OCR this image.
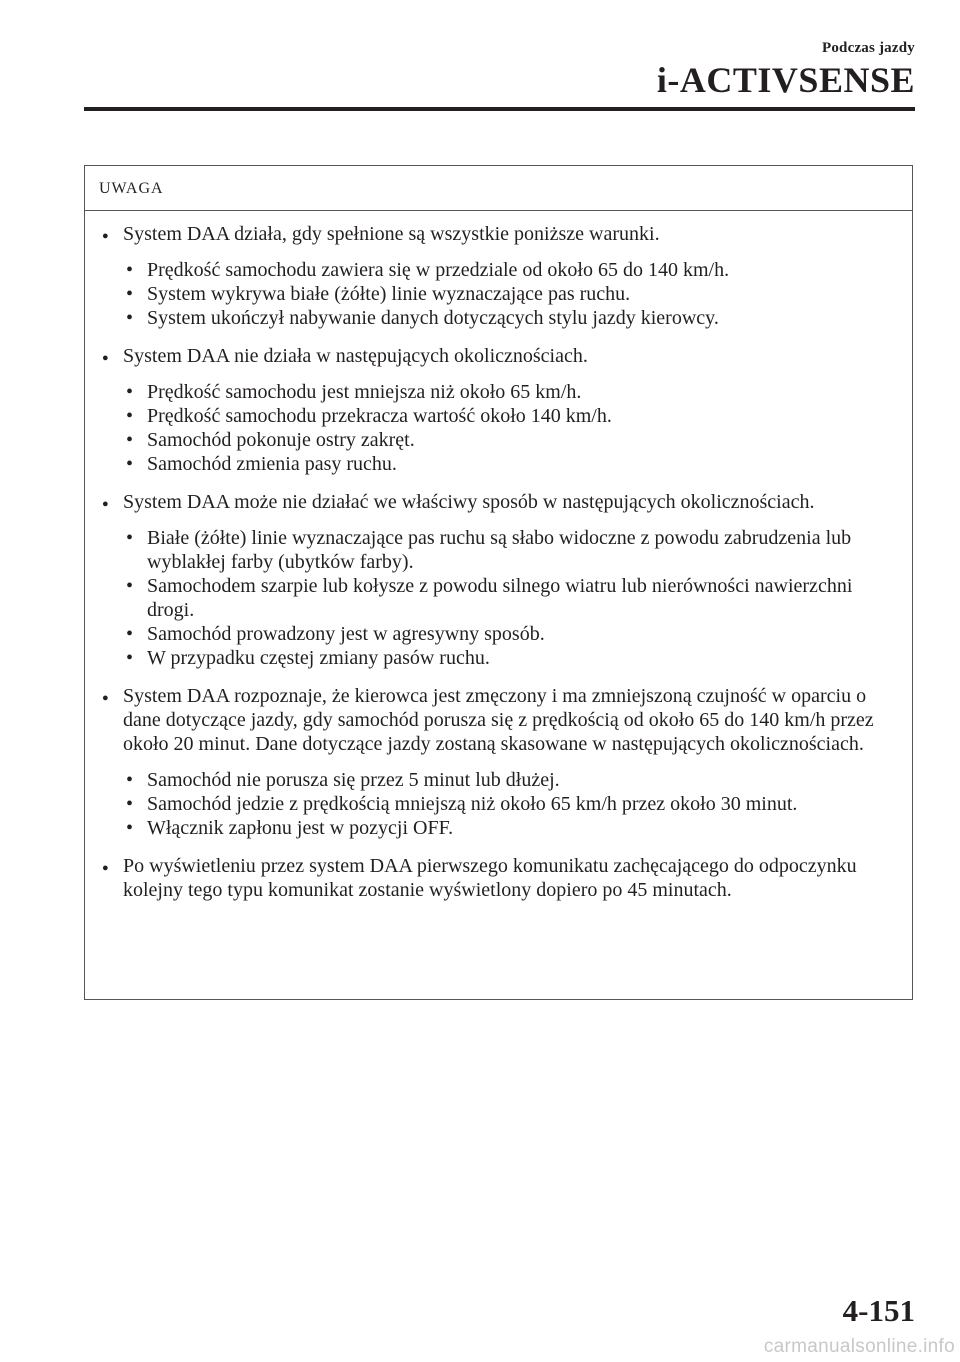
Podczas jazdy
i-ACTIVSENSE
UWAGA
● System DAA działa, gdy spełnione są wszystkie poniższe warunki.
• Prędkość samochodu zawiera się w przedziale od około 65 do 140 km/h.
• System wykrywa białe (żółte) linie wyznaczające pas ruchu.
• System ukończył nabywanie danych dotyczących stylu jazdy kierowcy.
● System DAA nie działa w następujących okolicznościach.
• Prędkość samochodu jest mniejsza niż około 65 km/h.
• Prędkość samochodu przekracza wartość około 140 km/h.
• Samochód pokonuje ostry zakręt.
• Samochód zmienia pasy ruchu.
● System DAA może nie działać we właściwy sposób w następujących okolicznościach.
• Białe (żółte) linie wyznaczające pas ruchu są słabo widoczne z powodu zabrudzenia lub wyblakłej farby (ubytków farby).
• Samochodem szarpie lub kołysze z powodu silnego wiatru lub nierówności nawierzchni drogi.
• Samochód prowadzony jest w agresywny sposób.
• W przypadku częstej zmiany pasów ruchu.
● System DAA rozpoznaje, że kierowca jest zmęczony i ma zmniejszoną czujność w oparciu o dane dotyczące jazdy, gdy samochód porusza się z prędkością od około 65 do 140 km/h przez około 20 minut. Dane dotyczące jazdy zostaną skasowane w następujących okolicznościach.
• Samochód nie porusza się przez 5 minut lub dłużej.
• Samochód jedzie z prędkością mniejszą niż około 65 km/h przez około 30 minut.
• Włącznik zapłonu jest w pozycji OFF.
● Po wyświetleniu przez system DAA pierwszego komunikatu zachęcającego do odpoczynku kolejny tego typu komunikat zostanie wyświetlony dopiero po 45 minutach.
4-151
carmanualsonline.info
